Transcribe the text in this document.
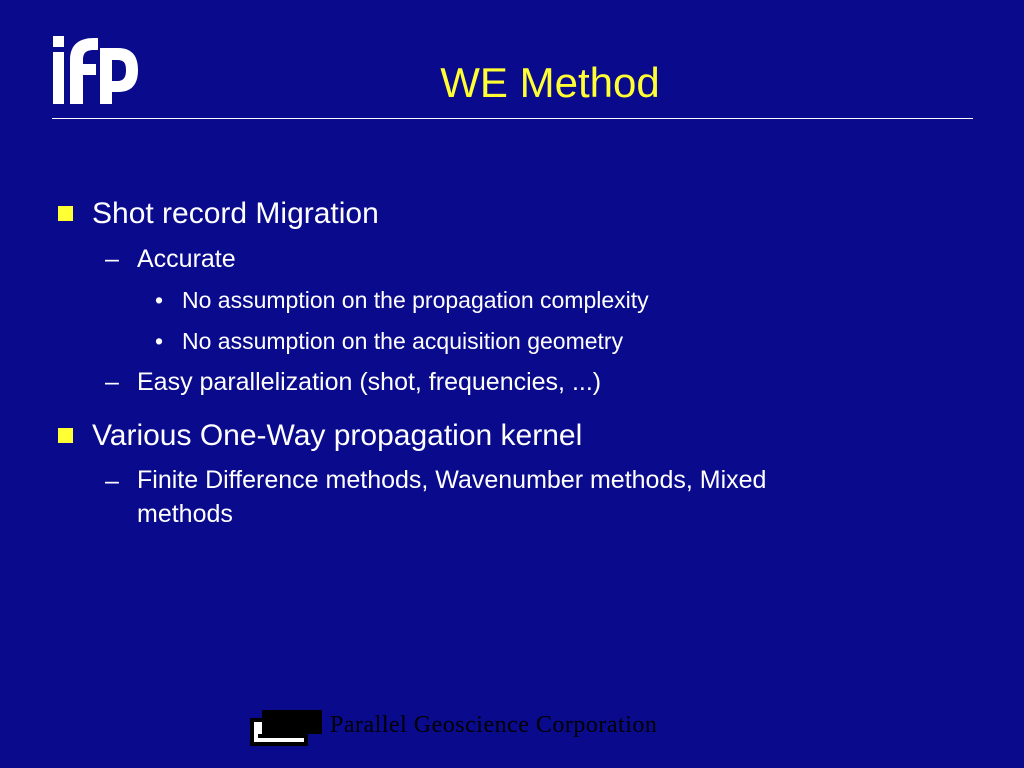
WE Method
Shot record Migration
– Accurate
• No assumption on the propagation complexity
• No assumption on the acquisition geometry
– Easy parallelization (shot, frequencies, ...)
Various One-Way propagation kernel
– Finite Difference methods, Wavenumber methods, Mixed methods
Parallel Geoscience Corporation
